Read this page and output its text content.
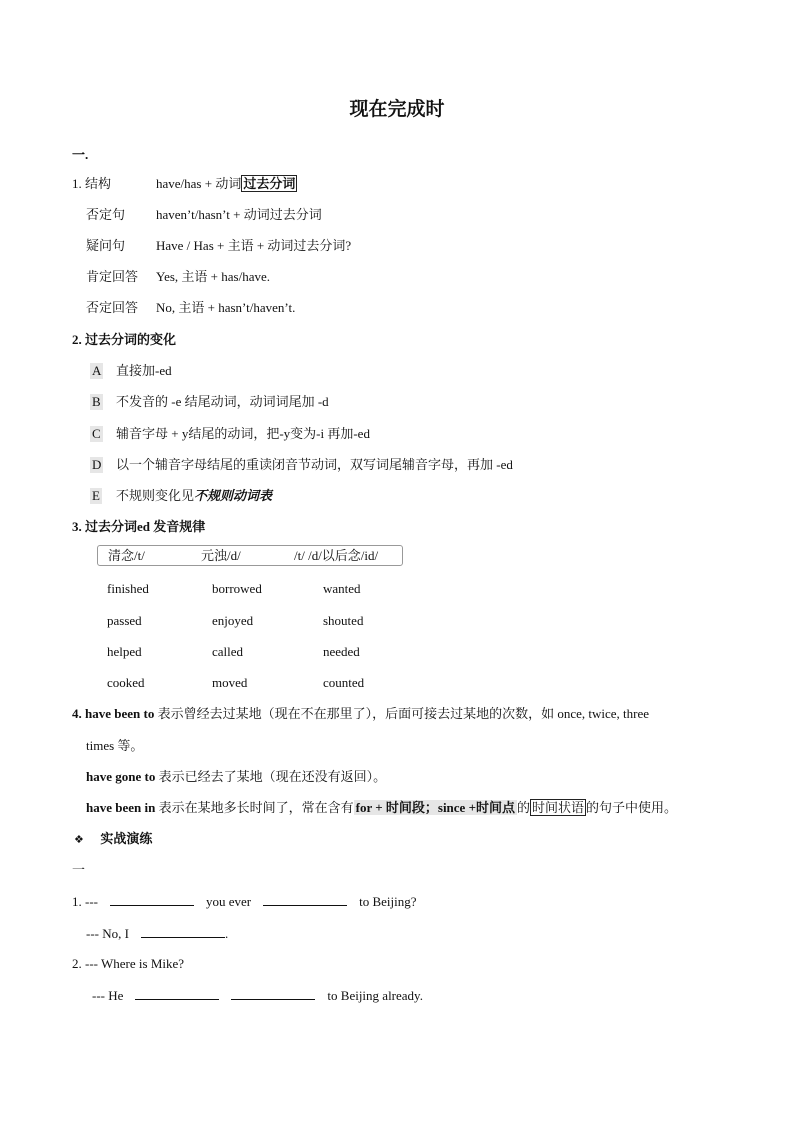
现在完成时
一.
1. 结构	have/has + 动词 过去分词
否定句 haven’t/hasn’t + 动词过去分词
疑问句 Have / Has + 主语 + 动词过去分词?
肯定回答 Yes, 主语 + has/have.
否定回答 No, 主语 + hasn’t/haven’t.
2. 过去分词的变化
A 直接加-ed
B 不发音的 -e 结尾动词，动词词尾加 -d
C 辅音字母 + y结尾的动词，把-y变为-i 再加-ed
D 以一个辅音字母结尾的重读闭音节动词，双写词尾辅音字母，再加 -ed
E 不规则变化见不规则动词表
3. 过去分词ed 发音规律
清念/t/	元浊/d/	/t/ /d/以后念/id/
finished	borrowed	wanted
passed	enjoyed	shouted
helped	called	needed
cooked	moved	counted
4. have been to 表示曾经去过某地（现在不在那里了），后面可接去过某地的次数，如 once, twice, three
times 等。
have gone to 表示已经去了某地（现在还没有返回）。
have been in 表示在某地多长时间了，常在含有 for + 时间段；since +时间点 的 时间状语 的句子中使用。
❖ 实战演练
一
1. ---	you ever	to Beijing?
--- No, I	.
2. --- Where is Mike?
--- He	to Beijing already.
